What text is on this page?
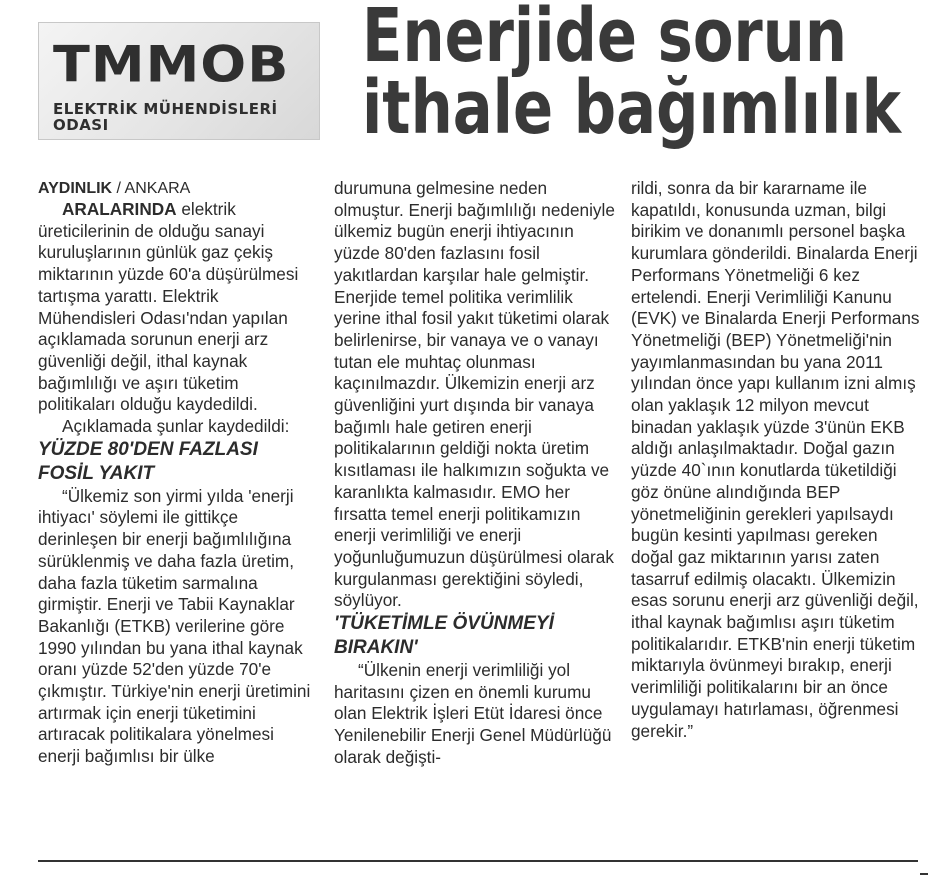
TMMOB
ELEKTRİK MÜHENDİSLERİ
ODASI
Enerjide sorun
ithale bağımlılık

AYDINLIK / ANKARA

ARALARINDA elektrik üreticilerinin de olduğu sanayi kuruluşlarının günlük gaz çekiş miktarının yüzde 60'a düşürülmesi tartışma yarattı. Elektrik Mühendisleri Odası'ndan yapılan açıklamada sorunun enerji arz güvenliği değil, ithal kaynak bağımlılığı ve aşırı tüketim politikaları olduğu kaydedildi.

Açıklamada şunlar kaydedildi:

YÜZDE 80'DEN FAZLASI FOSİL YAKIT

“Ülkemiz son yirmi yılda 'enerji ihtiyacı' söylemi ile gittikçe derinleşen bir enerji bağımlılığına sürüklenmiş ve daha fazla üretim, daha fazla tüketim sarmalına girmiştir. Enerji ve Tabii Kaynaklar Bakanlığı (ETKB) verilerine göre 1990 yılından bu yana ithal kaynak oranı yüzde 52'den yüzde 70'e çıkmıştır. Türkiye'nin enerji üretimini artırmak için enerji tüketimini artıracak politikalara yönelmesi enerji bağımlısı bir ülke

durumuna gelmesine neden olmuştur. Enerji bağımlılığı nedeniyle ülkemiz bugün enerji ihtiyacının yüzde 80'den fazlasını fosil yakıtlardan karşılar hale gelmiştir. Enerjide temel politika verimlilik yerine ithal fosil yakıt tüketimi olarak belirlenirse, bir vanaya ve o vanayı tutan ele muhtaç olunması kaçınılmazdır. Ülkemizin enerji arz güvenliğini yurt dışında bir vanaya bağımlı hale getiren enerji politikalarının geldiği nokta üretim kısıtlaması ile halkımızın soğukta ve karanlıkta kalmasıdır. EMO her fırsatta temel enerji politikamızın enerji verimliliği ve enerji yoğunluğumuzun düşürülmesi olarak kurgulanması gerektiğini söyledi, söylüyor.

'TÜKETİMLE ÖVÜNMEYİ BIRAKIN'

“Ülkenin enerji verimliliği yol haritasını çizen en önemli kurumu olan Elektrik İşleri Etüt İdaresi önce Yenilenebilir Enerji Genel Müdürlüğü olarak değişti-

rildi, sonra da bir kararname ile kapatıldı, konusunda uzman, bilgi birikim ve donanımlı personel başka kurumlara gönderildi. Binalarda Enerji Performans Yönetmeliği 6 kez ertelendi. Enerji Verimliliği Kanunu (EVK) ve Binalarda Enerji Performans Yönetmeliği (BEP) Yönetmeliği'nin yayımlanmasından bu yana 2011 yılından önce yapı kullanım izni almış olan yaklaşık 12 milyon mevcut binadan yaklaşık yüzde 3'ünün EKB aldığı anlaşılmaktadır. Doğal gazın yüzde 40`ının konutlarda tüketildiği göz önüne alındığında BEP yönetmeliğinin gerekleri yapılsaydı bugün kesinti yapılması gereken doğal gaz miktarının yarısı zaten tasarruf edilmiş olacaktı. Ülkemizin esas sorunu enerji arz güvenliği değil, ithal kaynak bağımlısı aşırı tüketim politikalarıdır. ETKB'nin enerji tüketim miktarıyla övünmeyi bırakıp, enerji verimliliği politikalarını bir an önce uygulamayı hatırlaması, öğrenmesi gerekir.”
